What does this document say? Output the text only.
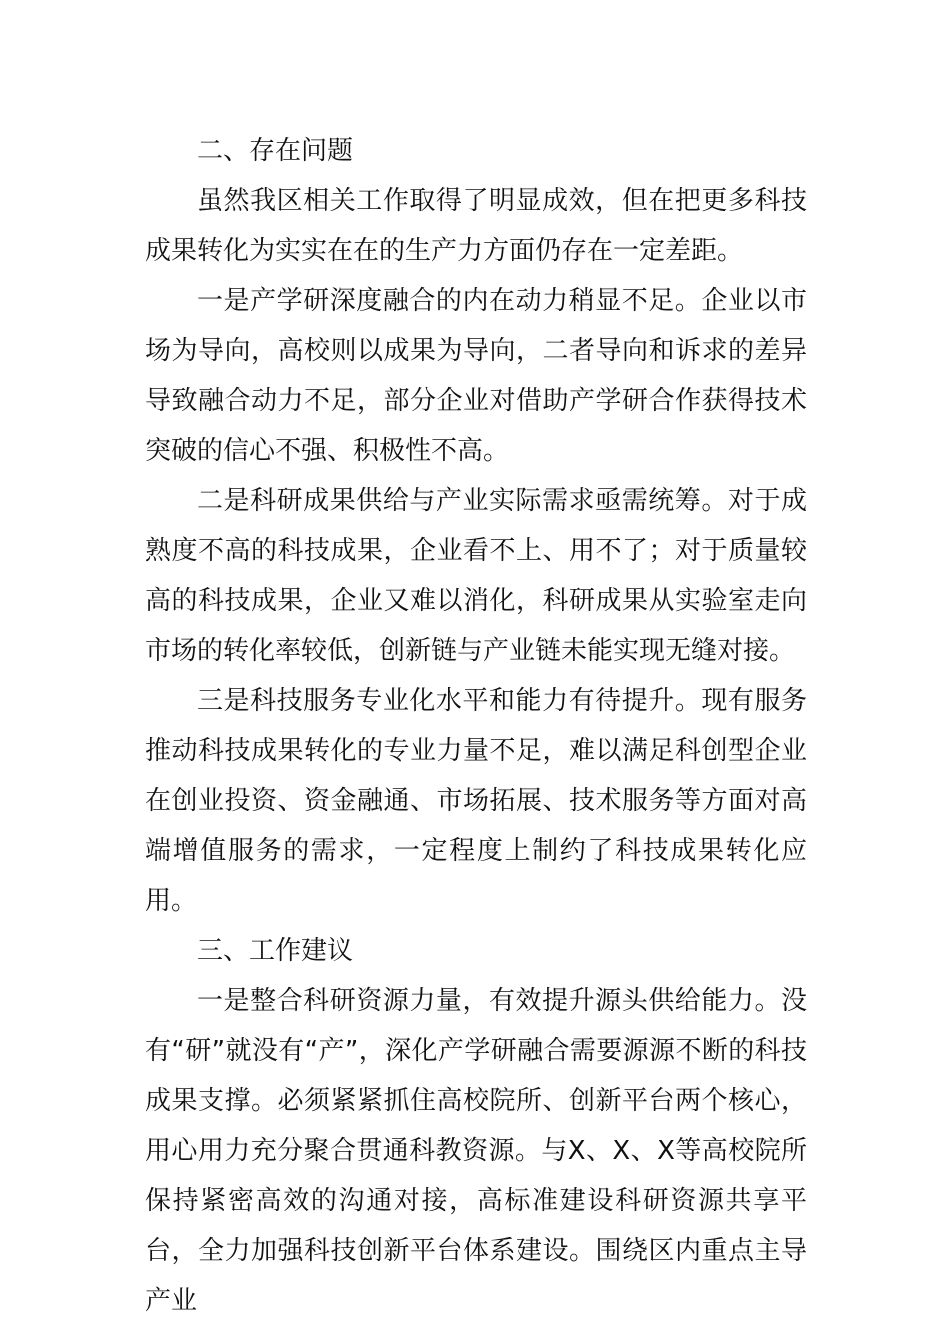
二、存在问题

虽然我区相关工作取得了明显成效，但在把更多科技成果转化为实实在在的生产力方面仍存在一定差距。

一是产学研深度融合的内在动力稍显不足。企业以市场为导向，高校则以成果为导向，二者导向和诉求的差异导致融合动力不足，部分企业对借助产学研合作获得技术突破的信心不强、积极性不高。

二是科研成果供给与产业实际需求亟需统筹。对于成熟度不高的科技成果，企业看不上、用不了；对于质量较高的科技成果，企业又难以消化，科研成果从实验室走向市场的转化率较低，创新链与产业链未能实现无缝对接。

三是科技服务专业化水平和能力有待提升。现有服务推动科技成果转化的专业力量不足，难以满足科创型企业在创业投资、资金融通、市场拓展、技术服务等方面对高端增值服务的需求，一定程度上制约了科技成果转化应用。

三、工作建议

一是整合科研资源力量，有效提升源头供给能力。没有“研”就没有“产”，深化产学研融合需要源源不断的科技成果支撑。必须紧紧抓住高校院所、创新平台两个核心，用心用力充分聚合贯通科教资源。与X、X、X等高校院所保持紧密高效的沟通对接，高标准建设科研资源共享平台，全力加强科技创新平台体系建设。围绕区内重点主导产业
